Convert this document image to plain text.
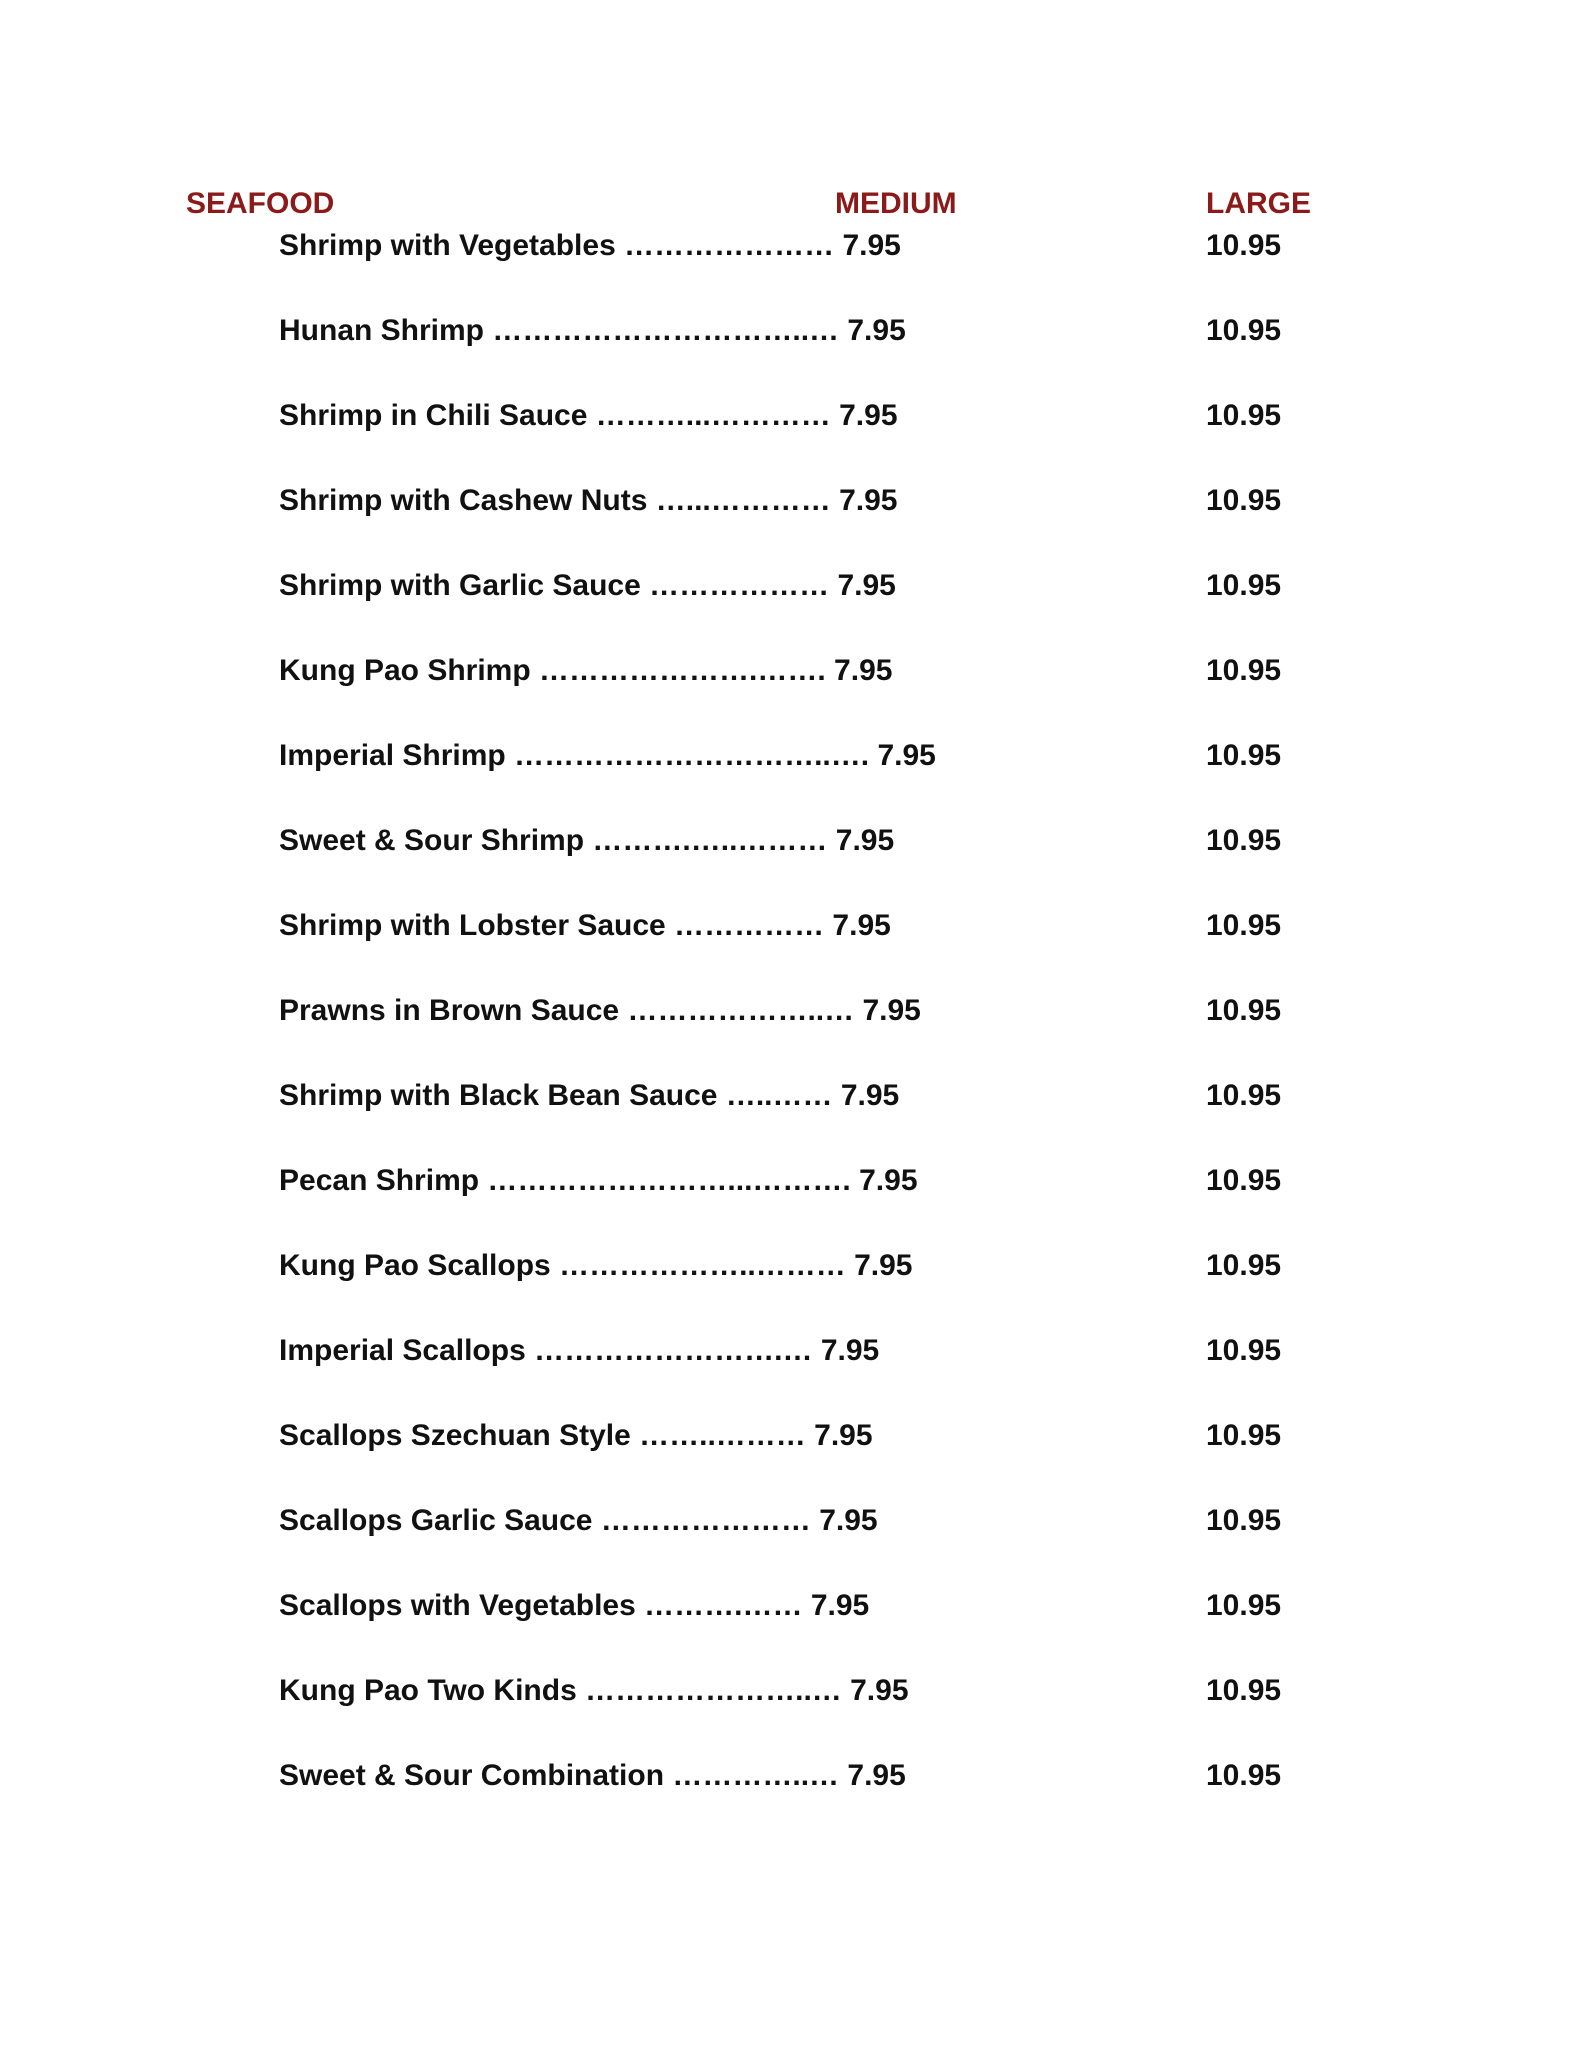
SEAFOOD	MEDIUM	LARGE
Shrimp with Vegetables ………………… 7.95	10.95
Hunan Shrimp …………………………..… 7.95	10.95
Shrimp in Chili Sauce ………...………… 7.95	10.95
Shrimp with Cashew Nuts …...………… 7.95	10.95
Shrimp with Garlic Sauce ……………… 7.95	10.95
Kung Pao Shrimp ………………….……. 7.95	10.95
Imperial Shrimp …………………………..…. 7.95	10.95
Sweet & Sour Shrimp ……….…..……… 7.95	10.95
Shrimp with Lobster Sauce …………… 7.95	10.95
Prawns in Brown Sauce ………………..… 7.95	10.95
Shrimp with Black Bean Sauce …..…… 7.95	10.95
Pecan Shrimp ……………………...………. 7.95	10.95
Kung Pao Scallops ………………..……… 7.95	10.95
Imperial Scallops …………………….… 7.95	10.95
Scallops Szechuan Style ……..……… 7.95	10.95
Scallops Garlic Sauce ………………… 7.95	10.95
Scallops with Vegetables ……….…… 7.95	10.95
Kung Pao Two Kinds …………………..… 7.95	10.95
Sweet & Sour Combination …………..… 7.95	10.95
